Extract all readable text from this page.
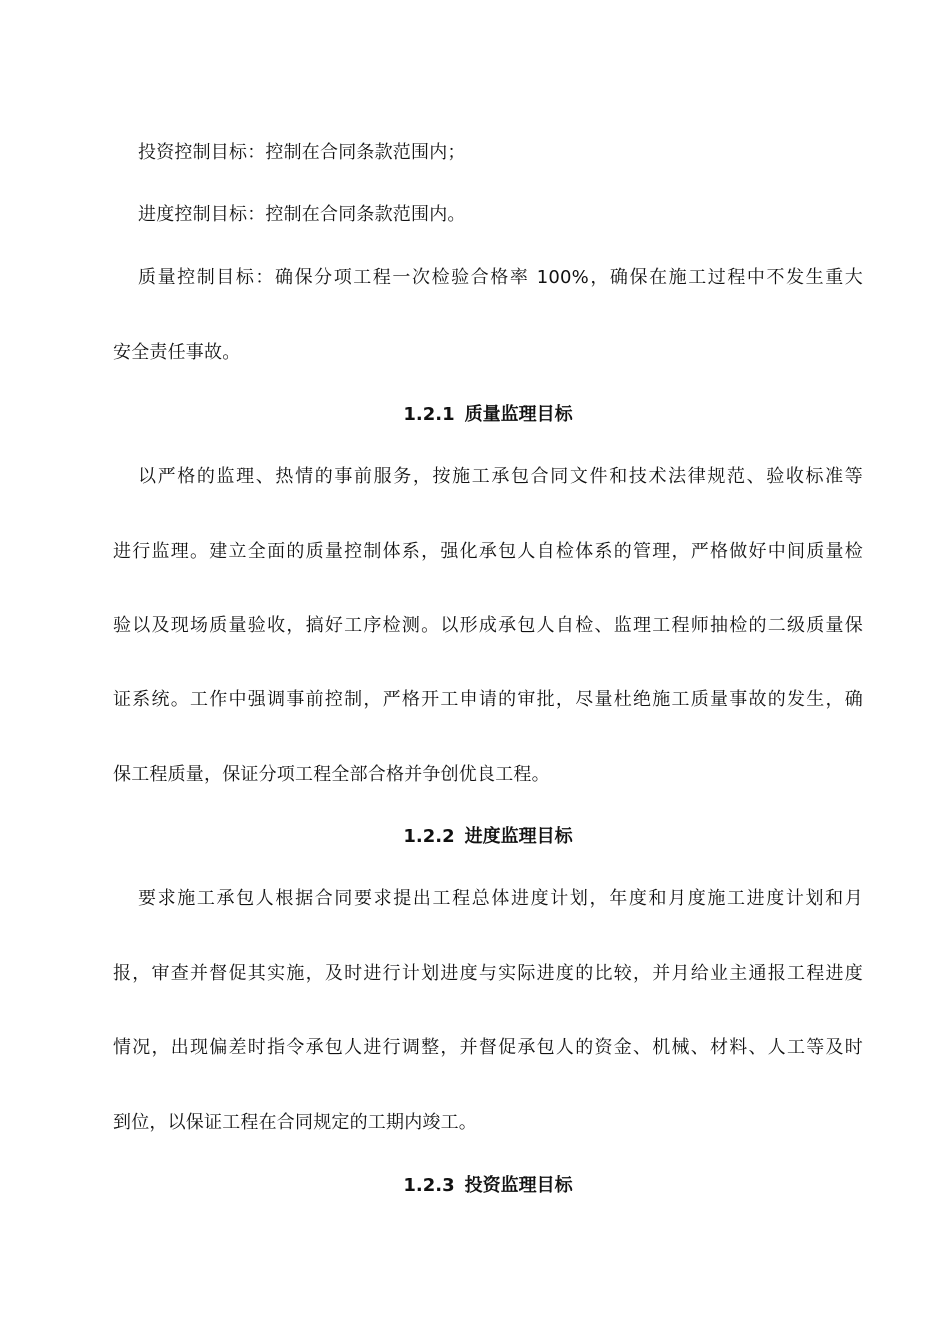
投资控制目标：控制在合同条款范围内；
进度控制目标：控制在合同条款范围内。
质量控制目标：确保分项工程一次检验合格率 100%，确保在施工过程中不发生重大
安全责任事故。
1.2.1 质量监理目标
以严格的监理、热情的事前服务，按施工承包合同文件和技术法律规范、验收标准等
进行监理。建立全面的质量控制体系，强化承包人自检体系的管理，严格做好中间质量检
验以及现场质量验收，搞好工序检测。以形成承包人自检、监理工程师抽检的二级质量保
证系统。工作中强调事前控制，严格开工申请的审批，尽量杜绝施工质量事故的发生，确
保工程质量，保证分项工程全部合格并争创优良工程。
1.2.2 进度监理目标
要求施工承包人根据合同要求提出工程总体进度计划，年度和月度施工进度计划和月
报，审查并督促其实施，及时进行计划进度与实际进度的比较，并月给业主通报工程进度
情况，出现偏差时指令承包人进行调整，并督促承包人的资金、机械、材料、人工等及时
到位，以保证工程在合同规定的工期内竣工。
1.2.3 投资监理目标
